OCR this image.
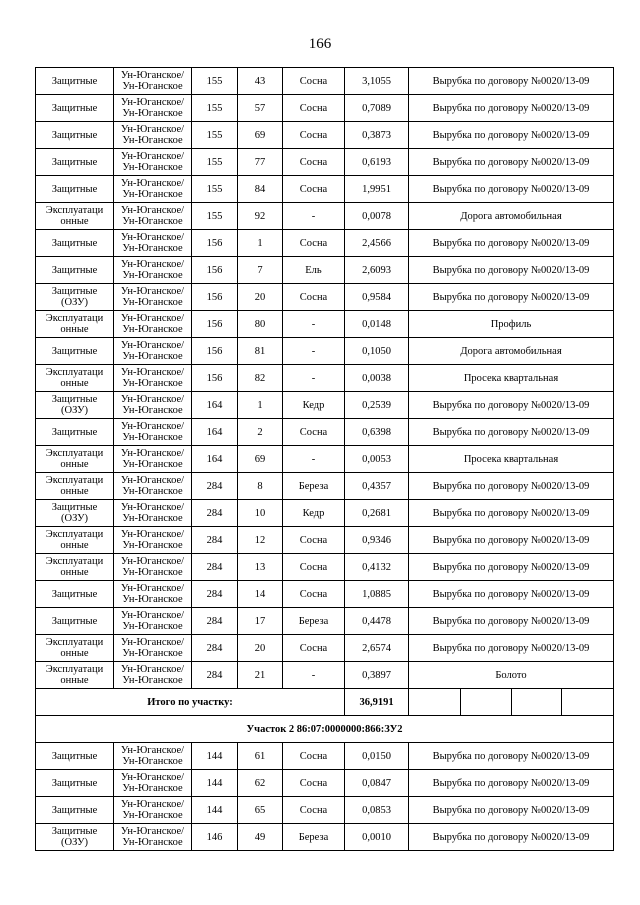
166
Защитные	Ун-Юганское/ Ун-Юганское	155	43	Сосна	3,1055	Вырубка по договору №0020/13-09
Защитные	Ун-Юганское/ Ун-Юганское	155	57	Сосна	0,7089	Вырубка по договору №0020/13-09
Защитные	Ун-Юганское/ Ун-Юганское	155	69	Сосна	0,3873	Вырубка по договору №0020/13-09
Защитные	Ун-Юганское/ Ун-Юганское	155	77	Сосна	0,6193	Вырубка по договору №0020/13-09
Защитные	Ун-Юганское/ Ун-Юганское	155	84	Сосна	1,9951	Вырубка по договору №0020/13-09
Эксплуатаци онные	Ун-Юганское/ Ун-Юганское	155	92	-	0,0078	Дорога автомобильная
Защитные	Ун-Юганское/ Ун-Юганское	156	1	Сосна	2,4566	Вырубка по договору №0020/13-09
Защитные	Ун-Юганское/ Ун-Юганское	156	7	Ель	2,6093	Вырубка по договору №0020/13-09
Защитные (ОЗУ)	Ун-Юганское/ Ун-Юганское	156	20	Сосна	0,9584	Вырубка по договору №0020/13-09
Эксплуатаци онные	Ун-Юганское/ Ун-Юганское	156	80	-	0,0148	Профиль
Защитные	Ун-Юганское/ Ун-Юганское	156	81	-	0,1050	Дорога автомобильная
Эксплуатаци онные	Ун-Юганское/ Ун-Юганское	156	82	-	0,0038	Просека квартальная
Защитные (ОЗУ)	Ун-Юганское/ Ун-Юганское	164	1	Кедр	0,2539	Вырубка по договору №0020/13-09
Защитные	Ун-Юганское/ Ун-Юганское	164	2	Сосна	0,6398	Вырубка по договору №0020/13-09
Эксплуатаци онные	Ун-Юганское/ Ун-Юганское	164	69	-	0,0053	Просека квартальная
Эксплуатаци онные	Ун-Юганское/ Ун-Юганское	284	8	Береза	0,4357	Вырубка по договору №0020/13-09
Защитные (ОЗУ)	Ун-Юганское/ Ун-Юганское	284	10	Кедр	0,2681	Вырубка по договору №0020/13-09
Эксплуатаци онные	Ун-Юганское/ Ун-Юганское	284	12	Сосна	0,9346	Вырубка по договору №0020/13-09
Эксплуатаци онные	Ун-Юганское/ Ун-Юганское	284	13	Сосна	0,4132	Вырубка по договору №0020/13-09
Защитные	Ун-Юганское/ Ун-Юганское	284	14	Сосна	1,0885	Вырубка по договору №0020/13-09
Защитные	Ун-Юганское/ Ун-Юганское	284	17	Береза	0,4478	Вырубка по договору №0020/13-09
Эксплуатаци онные	Ун-Юганское/ Ун-Юганское	284	20	Сосна	2,6574	Вырубка по договору №0020/13-09
Эксплуатаци онные	Ун-Юганское/ Ун-Юганское	284	21	-	0,3897	Болото
Итого по участку:					36,9191	

Участок 2 86:07:0000000:866:ЗУ2						
Защитные	Ун-Юганское/ Ун-Юганское	144	61	Сосна	0,0150	Вырубка по договору №0020/13-09
Защитные	Ун-Юганское/ Ун-Юганское	144	62	Сосна	0,0847	Вырубка по договору №0020/13-09
Защитные	Ун-Юганское/ Ун-Юганское	144	65	Сосна	0,0853	Вырубка по договору №0020/13-09
Защитные (ОЗУ)	Ун-Юганское/ Ун-Юганское	146	49	Береза	0,0010	Вырубка по договору №0020/13-09
